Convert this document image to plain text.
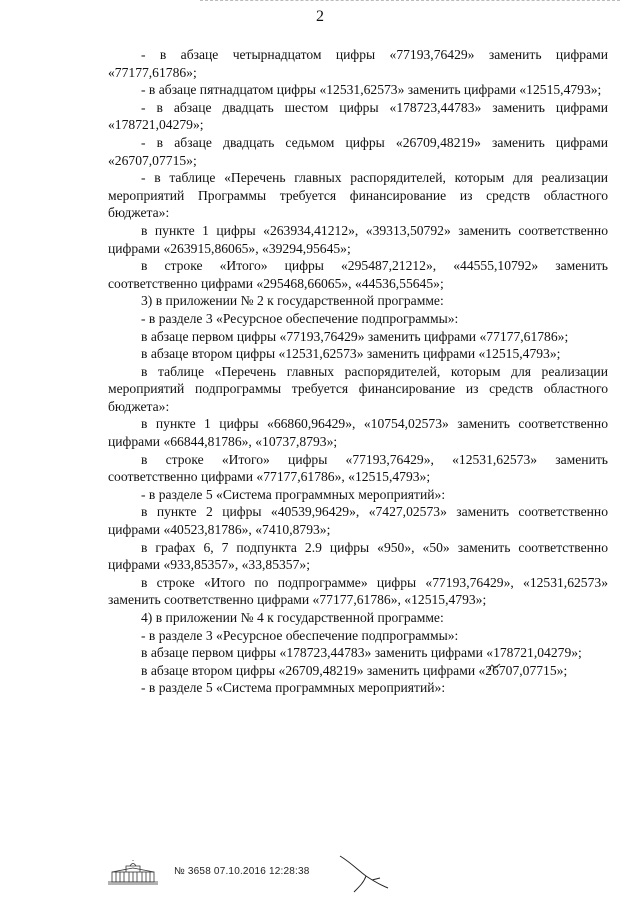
2

- в абзаце четырнадцатом цифры «77193,76429» заменить цифрами «77177,61786»;

- в абзаце пятнадцатом цифры «12531,62573» заменить цифрами «12515,4793»;

- в абзаце двадцать шестом цифры «178723,44783» заменить цифрами «178721,04279»;

- в абзаце двадцать седьмом цифры «26709,48219» заменить цифрами «26707,07715»;

- в таблице «Перечень главных распорядителей, которым для реализации мероприятий Программы требуется финансирование из средств областного бюджета»:

в пункте 1 цифры «263934,41212», «39313,50792» заменить соответственно цифрами «263915,86065», «39294,95645»;

в строке «Итого» цифры «295487,21212», «44555,10792» заменить соответственно цифрами «295468,66065», «44536,55645»;

3) в приложении № 2 к государственной программе:

- в разделе 3 «Ресурсное обеспечение подпрограммы»:

в абзаце первом цифры «77193,76429» заменить цифрами «77177,61786»;

в абзаце втором цифры «12531,62573» заменить цифрами «12515,4793»;

в таблице «Перечень главных распорядителей, которым для реализации мероприятий подпрограммы требуется финансирование из средств областного бюджета»:

в пункте 1 цифры «66860,96429», «10754,02573» заменить соответственно цифрами «66844,81786», «10737,8793»;

в строке «Итого» цифры «77193,76429», «12531,62573» заменить соответственно цифрами «77177,61786», «12515,4793»;

- в разделе 5 «Система программных мероприятий»:

в пункте 2 цифры «40539,96429», «7427,02573» заменить соответственно цифрами «40523,81786», «7410,8793»;

в графах 6, 7 подпункта 2.9 цифры «950», «50» заменить соответственно цифрами «933,85357», «33,85357»;

в строке «Итого по подпрограмме» цифры «77193,76429», «12531,62573» заменить соответственно цифрами «77177,61786», «12515,4793»;

4) в приложении № 4 к государственной программе:

- в разделе 3 «Ресурсное обеспечение подпрограммы»:

в абзаце первом цифры «178723,44783» заменить цифрами «178721,04279»;

в абзаце втором цифры «26709,48219» заменить цифрами «26707,07715»;

- в разделе 5 «Система программных мероприятий»:

№ 3658 07.10.2016 12:28:38
